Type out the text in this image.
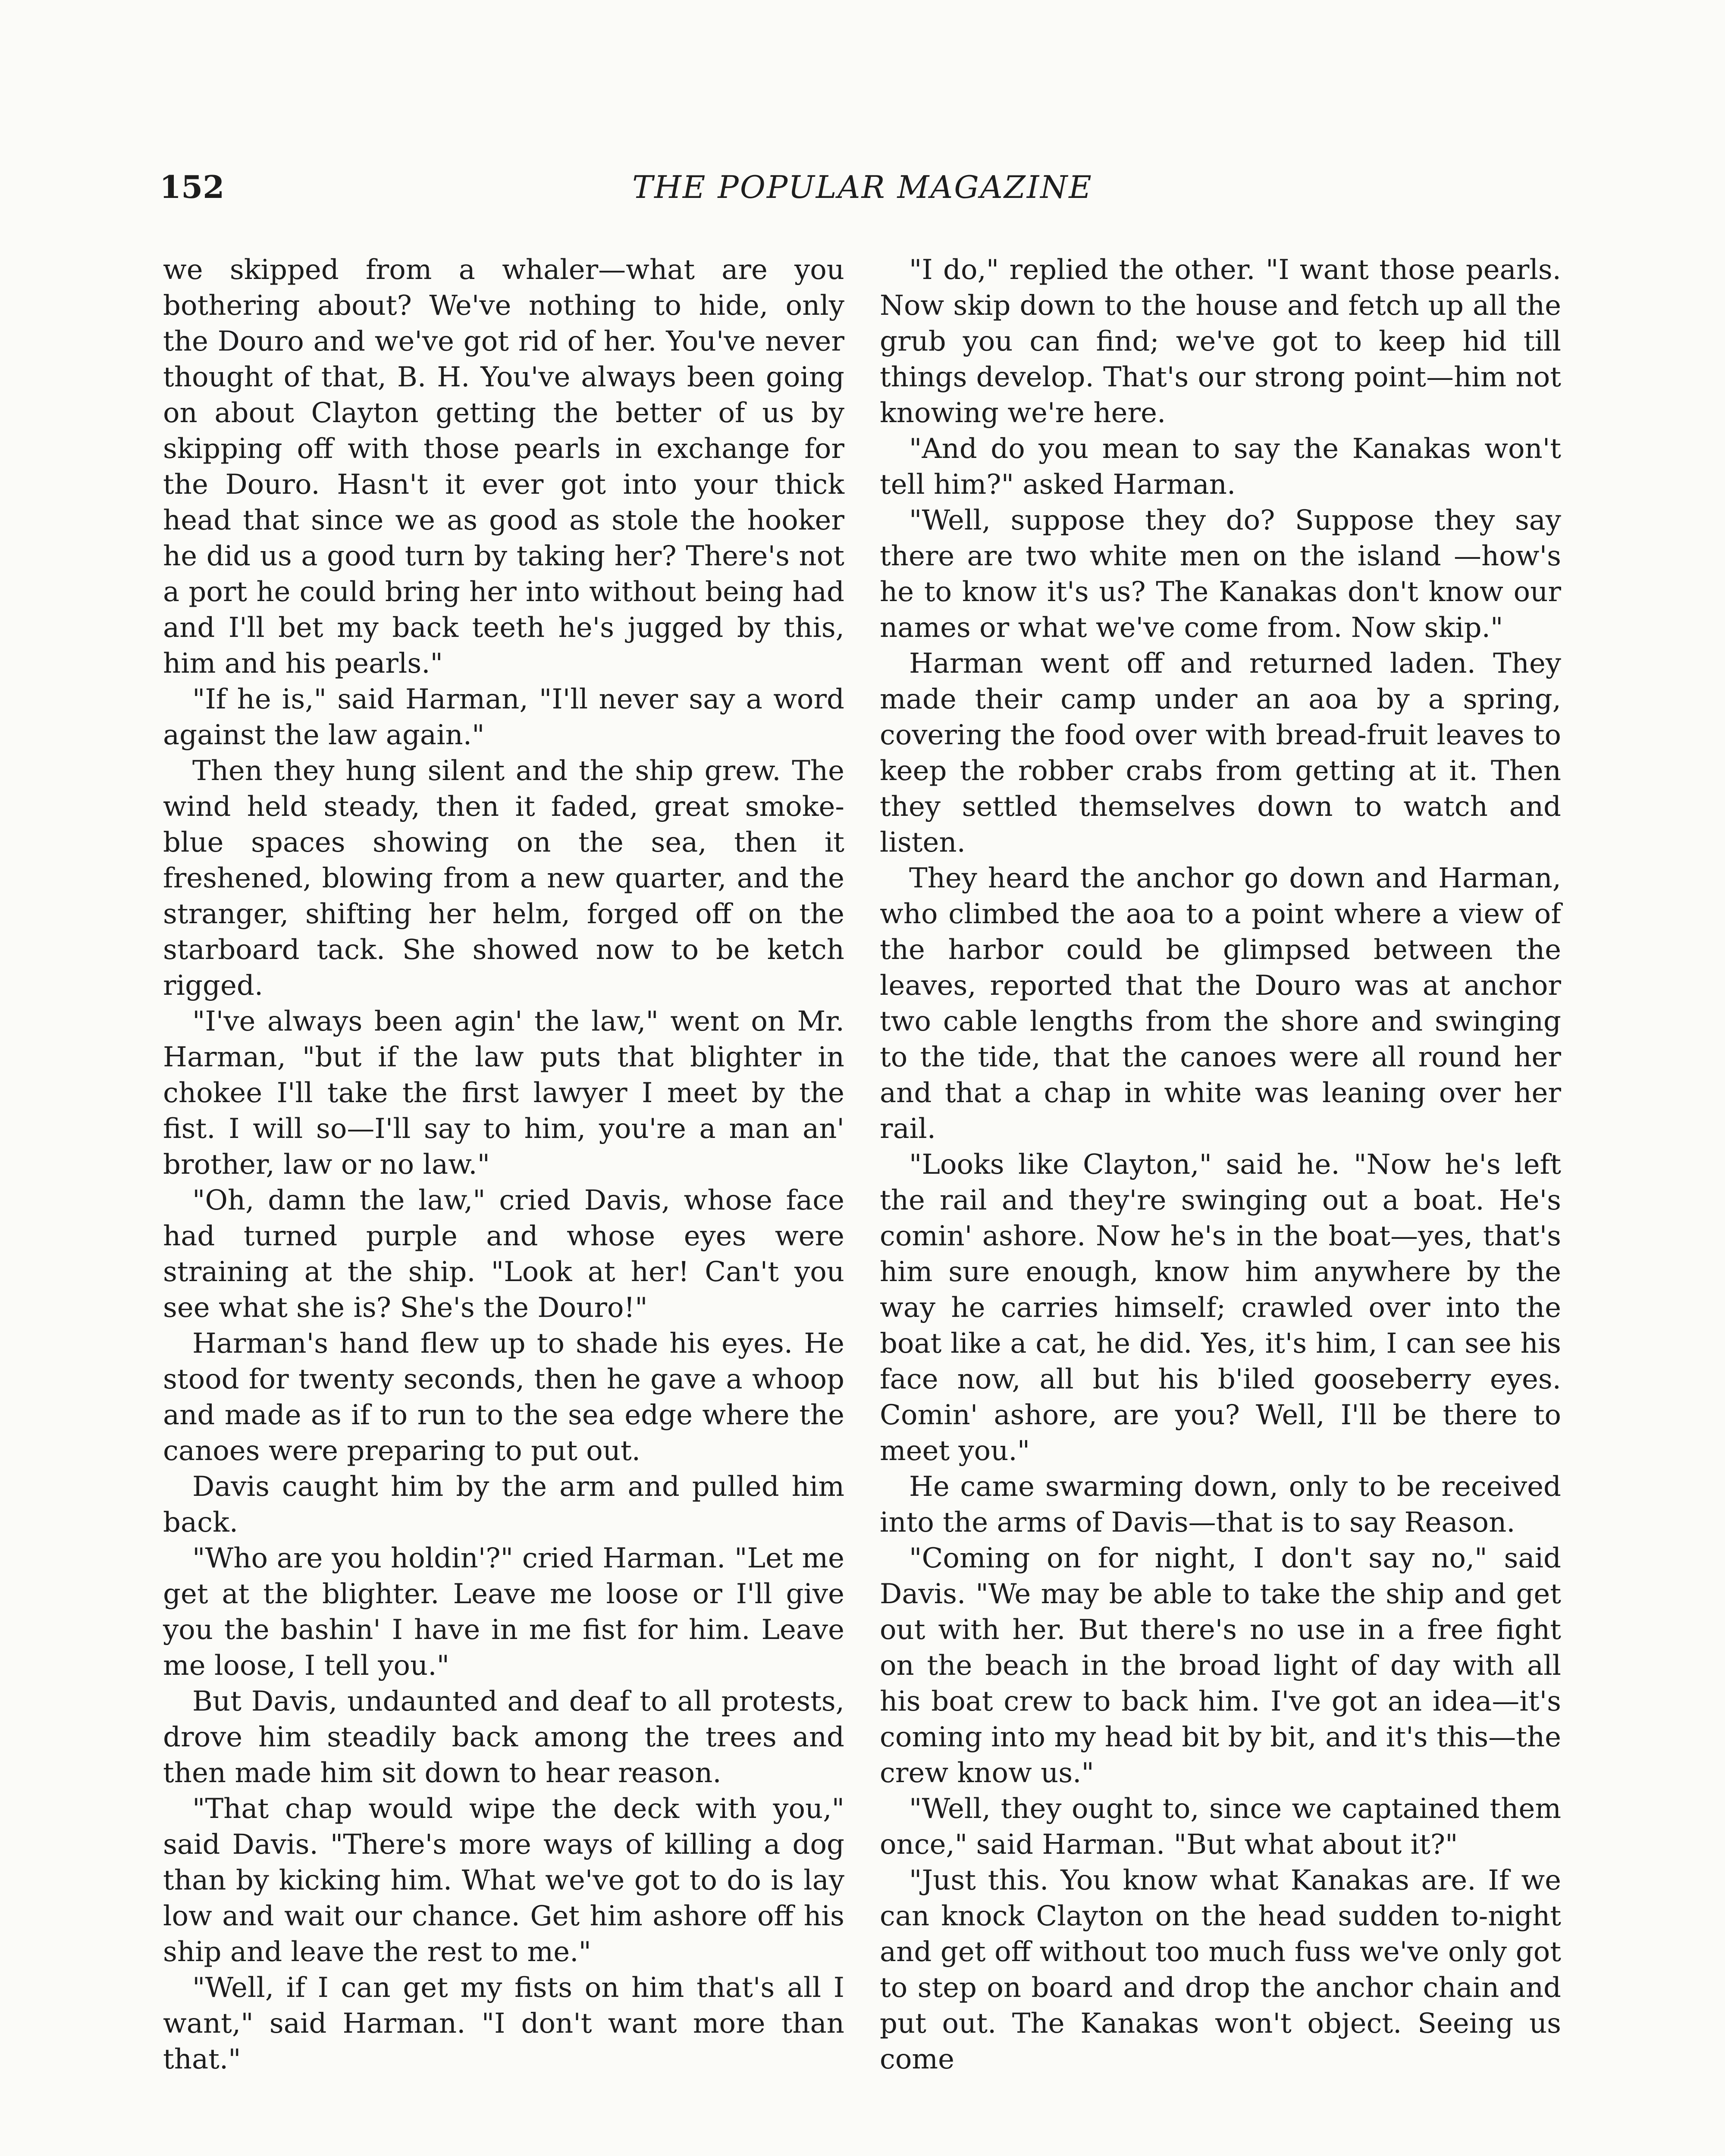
152	THE POPULAR MAGAZINE

we skipped from a whaler—what are you bothering about? We've nothing to hide, only the Douro and we've got rid of her. You've never thought of that, B. H. You've always been going on about Clayton getting the better of us by skipping off with those pearls in exchange for the Douro. Hasn't it ever got into your thick head that since we as good as stole the hooker he did us a good turn by taking her? There's not a port he could bring her into without being had and I'll bet my back teeth he's jugged by this, him and his pearls."

"If he is," said Harman, "I'll never say a word against the law again."

Then they hung silent and the ship grew. The wind held steady, then it faded, great smoke-blue spaces showing on the sea, then it freshened, blowing from a new quarter, and the stranger, shifting her helm, forged off on the starboard tack. She showed now to be ketch rigged.

"I've always been agin' the law," went on Mr. Harman, "but if the law puts that blighter in chokee I'll take the first lawyer I meet by the fist. I will so—I'll say to him, you're a man an' brother, law or no law."

"Oh, damn the law," cried Davis, whose face had turned purple and whose eyes were straining at the ship. "Look at her! Can't you see what she is? She's the Douro!"

Harman's hand flew up to shade his eyes. He stood for twenty seconds, then he gave a whoop and made as if to run to the sea edge where the canoes were preparing to put out.

Davis caught him by the arm and pulled him back.

"Who are you holdin'?" cried Harman. "Let me get at the blighter. Leave me loose or I'll give you the bashin' I have in me fist for him. Leave me loose, I tell you."

But Davis, undaunted and deaf to all protests, drove him steadily back among the trees and then made him sit down to hear reason.

"That chap would wipe the deck with you," said Davis. "There's more ways of killing a dog than by kicking him. What we've got to do is lay low and wait our chance. Get him ashore off his ship and leave the rest to me."

"Well, if I can get my fists on him that's all I want," said Harman. "I don't want more than that."

"I do," replied the other. "I want those pearls. Now skip down to the house and fetch up all the grub you can find; we've got to keep hid till things develop. That's our strong point—him not knowing we're here.

"And do you mean to say the Kanakas won't tell him?" asked Harman.

"Well, suppose they do? Suppose they say there are two white men on the island —how's he to know it's us? The Kanakas don't know our names or what we've come from. Now skip."

Harman went off and returned laden. They made their camp under an aoa by a spring, covering the food over with bread-fruit leaves to keep the robber crabs from getting at it. Then they settled themselves down to watch and listen.

They heard the anchor go down and Harman, who climbed the aoa to a point where a view of the harbor could be glimpsed between the leaves, reported that the Douro was at anchor two cable lengths from the shore and swinging to the tide, that the canoes were all round her and that a chap in white was leaning over her rail.

"Looks like Clayton," said he. "Now he's left the rail and they're swinging out a boat. He's comin' ashore. Now he's in the boat—yes, that's him sure enough, know him anywhere by the way he carries himself; crawled over into the boat like a cat, he did. Yes, it's him, I can see his face now, all but his b'iled gooseberry eyes. Comin' ashore, are you? Well, I'll be there to meet you."

He came swarming down, only to be received into the arms of Davis—that is to say Reason.

"Coming on for night, I don't say no," said Davis. "We may be able to take the ship and get out with her. But there's no use in a free fight on the beach in the broad light of day with all his boat crew to back him. I've got an idea—it's coming into my head bit by bit, and it's this—the crew know us."

"Well, they ought to, since we captained them once," said Harman. "But what about it?"

"Just this. You know what Kanakas are. If we can knock Clayton on the head sudden to-night and get off without too much fuss we've only got to step on board and drop the anchor chain and put out. The Kanakas won't object. Seeing us come
